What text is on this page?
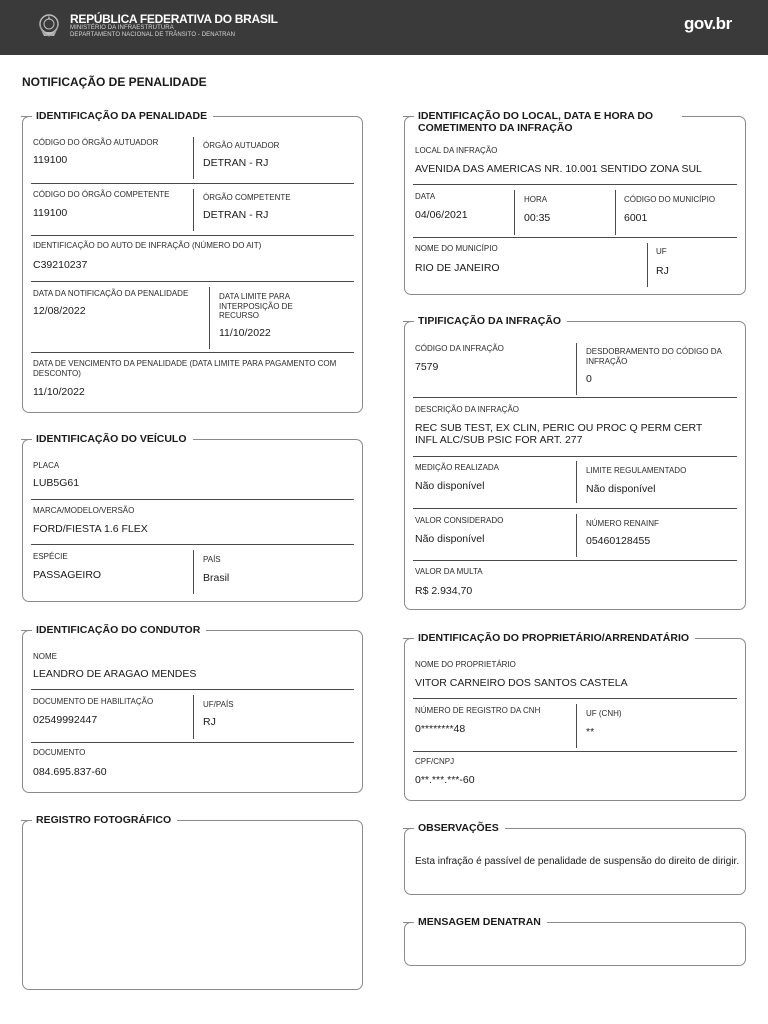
REPÚBLICA FEDERATIVA DO BRASIL
MINISTÉRIO DA INFRAESTRUTURA
DEPARTAMENTO NACIONAL DE TRÂNSITO - DENATRAN
gov.br
NOTIFICAÇÃO DE PENALIDADE
IDENTIFICAÇÃO DA PENALIDADE
CÓDIGO DO ÓRGÃO AUTUADOR
119100
ÓRGÃO AUTUADOR
DETRAN - RJ
CÓDIGO DO ÓRGÃO COMPETENTE
119100
ÓRGÃO COMPETENTE
DETRAN - RJ
IDENTIFICAÇÃO DO AUTO DE INFRAÇÃO (NÚMERO DO AIT)
C39210237
DATA DA NOTIFICAÇÃO DA PENALIDADE
12/08/2022
DATA LIMITE PARA INTERPOSIÇÃO DE RECURSO
11/10/2022
DATA DE VENCIMENTO DA PENALIDADE (DATA LIMITE PARA PAGAMENTO COM DESCONTO)
11/10/2022
IDENTIFICAÇÃO DO VEÍCULO
PLACA
LUB5G61
MARCA/MODELO/VERSÃO
FORD/FIESTA 1.6 FLEX
ESPÉCIE
PASSAGEIRO
PAÍS
Brasil
IDENTIFICAÇÃO DO CONDUTOR
NOME
LEANDRO DE ARAGAO MENDES
DOCUMENTO DE HABILITAÇÃO
02549992447
UF/PAÍS
RJ
DOCUMENTO
084.695.837-60
REGISTRO FOTOGRÁFICO
IDENTIFICAÇÃO DO LOCAL, DATA E HORA DO COMETIMENTO DA INFRAÇÃO
LOCAL DA INFRAÇÃO
AVENIDA DAS AMERICAS NR. 10.001 SENTIDO ZONA SUL
DATA
04/06/2021
HORA
00:35
CÓDIGO DO MUNICÍPIO
6001
NOME DO MUNICÍPIO
RIO DE JANEIRO
UF
RJ
TIPIFICAÇÃO DA INFRAÇÃO
CÓDIGO DA INFRAÇÃO
7579
DESDOBRAMENTO DO CÓDIGO DA INFRAÇÃO
0
DESCRIÇÃO DA INFRAÇÃO
REC SUB TEST, EX CLIN, PERIC OU PROC Q PERM CERT INFL ALC/SUB PSIC FOR ART. 277
MEDIÇÃO REALIZADA
Não disponível
LIMITE REGULAMENTADO
Não disponível
VALOR CONSIDERADO
Não disponível
NÚMERO RENAINF
05460128455
VALOR DA MULTA
R$ 2.934,70
IDENTIFICAÇÃO DO PROPRIETÁRIO/ARRENDATÁRIO
NOME DO PROPRIETÁRIO
VITOR CARNEIRO DOS SANTOS CASTELA
NÚMERO DE REGISTRO DA CNH
0********48
UF (CNH)
**
CPF/CNPJ
0**.***.***-60
OBSERVAÇÕES
Esta infração é passível de penalidade de suspensão do direito de dirigir.
MENSAGEM DENATRAN
